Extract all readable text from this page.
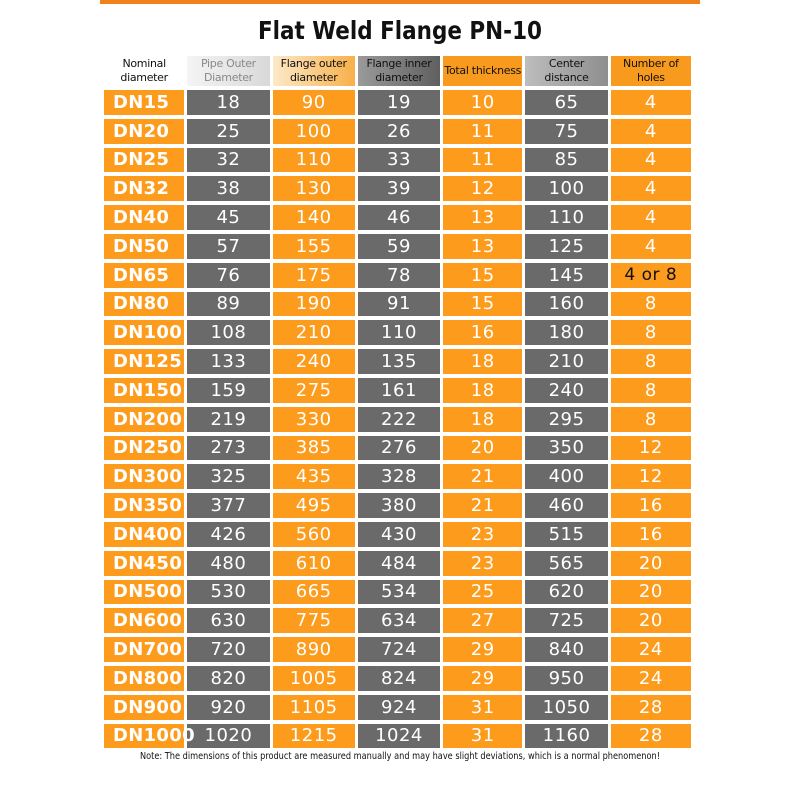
Flat Weld Flange PN-10
Nominal diameter	Pipe Outer Diameter	Flange outer diameter	Flange inner diameter	Total thickness	Center distance	Number of holes
DN15	18	90	19	10	65	4
DN20	25	100	26	11	75	4
DN25	32	110	33	11	85	4
DN32	38	130	39	12	100	4
DN40	45	140	46	13	110	4
DN50	57	155	59	13	125	4
DN65	76	175	78	15	145	4 or 8
DN80	89	190	91	15	160	8
DN100	108	210	110	16	180	8
DN125	133	240	135	18	210	8
DN150	159	275	161	18	240	8
DN200	219	330	222	18	295	8
DN250	273	385	276	20	350	12
DN300	325	435	328	21	400	12
DN350	377	495	380	21	460	16
DN400	426	560	430	23	515	16
DN450	480	610	484	23	565	20
DN500	530	665	534	25	620	20
DN600	630	775	634	27	725	20
DN700	720	890	724	29	840	24
DN800	820	1005	824	29	950	24
DN900	920	1105	924	31	1050	28
DN1000	1020	1215	1024	31	1160	28
Note: The dimensions of this product are measured manually and may have slight deviations, which is a normal phenomenon!
